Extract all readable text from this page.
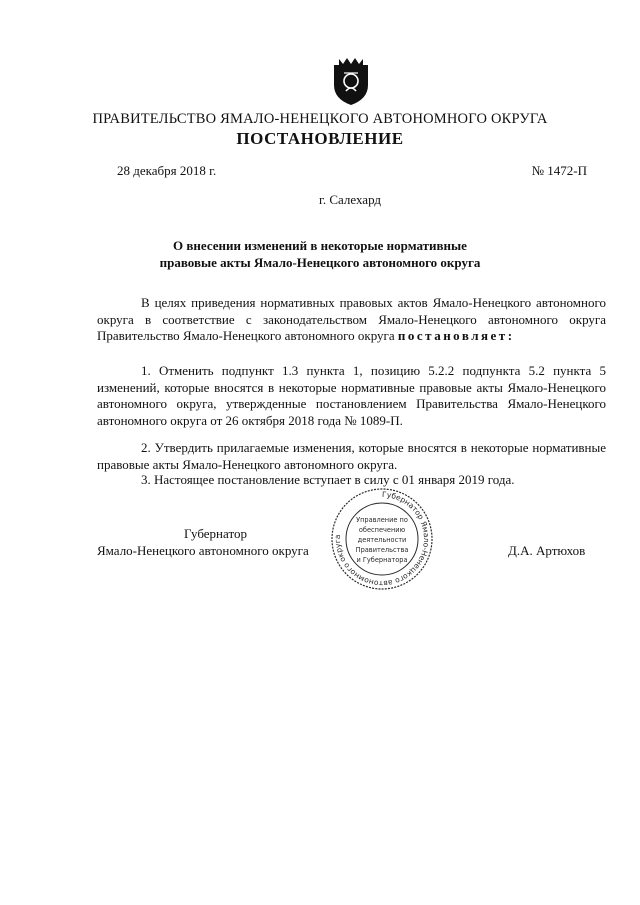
ПРАВИТЕЛЬСТВО ЯМАЛО-НЕНЕЦКОГО АВТОНОМНОГО ОКРУГА
ПОСТАНОВЛЕНИЕ
28 декабря 2018 г.	№ 1472-П
г. Салехард
О внесении изменений в некоторые нормативные
правовые акты Ямало-Ненецкого автономного округа
В целях приведения нормативных правовых актов Ямало-Ненецкого автономного округа в соответствие с законодательством Ямало-Ненецкого автономного округа Правительство Ямало-Ненецкого автономного округа постановляет:
1. Отменить подпункт 1.3 пункта 1, позицию 5.2.2 подпункта 5.2 пункта 5 изменений, которые вносятся в некоторые нормативные правовые акты Ямало-Ненецкого автономного округа, утвержденные постановлением Правительства Ямало-Ненецкого автономного округа от 26 октября 2018 года № 1089-П.
2. Утвердить прилагаемые изменения, которые вносятся в некоторые нормативные правовые акты Ямало-Ненецкого автономного округа.
3. Настоящее постановление вступает в силу с 01 января 2019 года.
Губернатор
Ямало-Ненецкого автономного округа	Д.А. Артюхов
Губернатор Ямало-Ненецкого автономного округа
Управление по
обеспечению
деятельности
Правительства
и Губернатора
